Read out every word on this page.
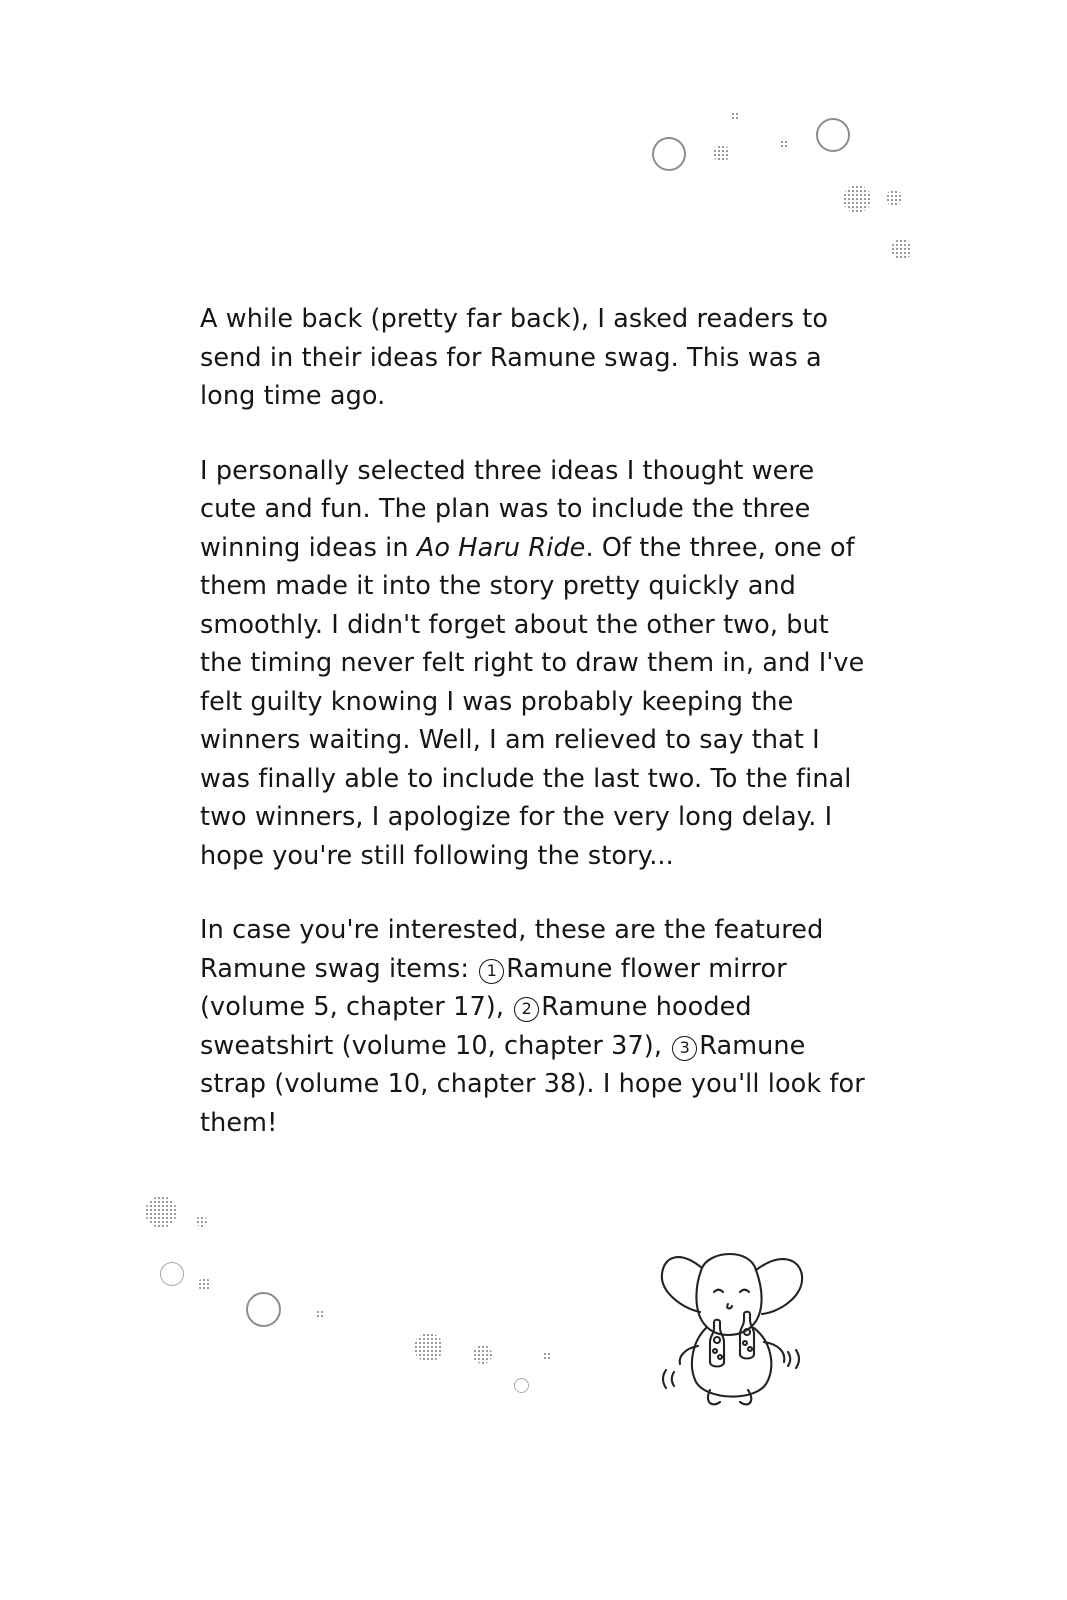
A while back (pretty far back), I asked readers to send in their ideas for Ramune swag. This was a long time ago.

I personally selected three ideas I thought were cute and fun. The plan was to include the three winning ideas in Ao Haru Ride. Of the three, one of them made it into the story pretty quickly and smoothly. I didn't forget about the other two, but the timing never felt right to draw them in, and I've felt guilty knowing I was probably keeping the winners waiting. Well, I am relieved to say that I was finally able to include the last two. To the final two winners, I apologize for the very long delay. I hope you're still following the story...

In case you're interested, these are the featured Ramune swag items: 1 Ramune flower mirror (volume 5, chapter 17), 2 Ramune hooded sweatshirt (volume 10, chapter 37), 3 Ramune strap (volume 10, chapter 38). I hope you'll look for them!
